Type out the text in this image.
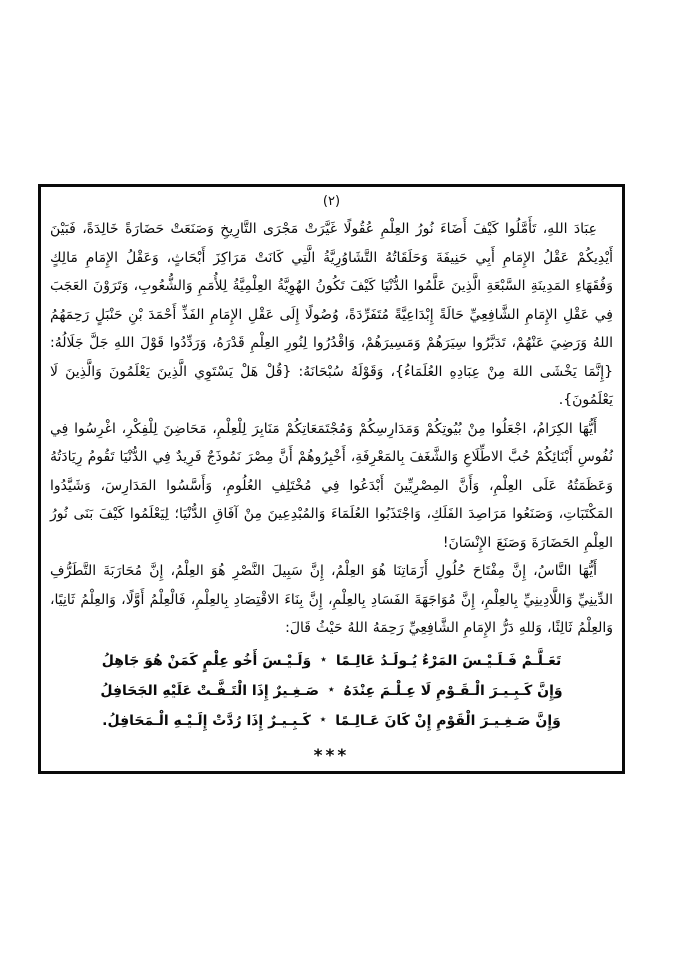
(٢)

عِبَادَ اللهِ، تَأَمَّلُوا كَيْفَ أَضَاءَ نُورُ العِلْمِ عُقُولًا غَيَّرَتْ مَجْرَى التَّارِيخِ وَصَنَعَتْ حَضَارَةً خَالِدَةً، فَبَيْنَ أَيْدِيكُمْ عَقْلُ الإِمَامِ أَبِي حَنِيفَةَ وَحَلَقَاتُهُ التَّشَاوُرِيَّةُ الَّتِي كَانَتْ مَرَاكِزَ أَبْحَاثٍ، وَعَقْلُ الإِمَامِ مَالِكٍ وَفُقَهَاءِ المَدِينَةِ السَّبْعَةِ الَّذِينَ عَلَّمُوا الدُّنْيَا كَيْفَ تَكُونُ الهُوِيَّةُ العِلْمِيَّةُ لِلأُمَمِ وَالشُّعُوبِ، وَتَرَوْنَ العَجَبَ فِي عَقْلِ الإِمَامِ الشَّافِعِيِّ حَالَةً إِبْدَاعِيَّةً مُتَفَرِّدَةً، وُصُولًا إِلَى عَقْلِ الإِمَامِ الفَذِّ أَحْمَدَ بْنِ حَنْبَلٍ رَحِمَهُمُ اللهُ وَرَضِيَ عَنْهُمْ، تَدَبَّرُوا سِيَرَهُمْ وَمَسِيرَهُمْ، وَاقْدُرُوا لِنُورِ العِلْمِ قَدْرَهُ، وَرَدِّدُوا قَوْلَ اللهِ جَلَّ جَلَالُهُ: {إِنَّمَا يَخْشَى اللهَ مِنْ عِبَادِهِ العُلَمَاءُ}، وَقَوْلَهُ سُبْحَانَهُ: {قُلْ هَلْ يَسْتَوِي الَّذِينَ يَعْلَمُونَ وَالَّذِينَ لَا يَعْلَمُونَ}.

أَيُّهَا الكِرَامُ، اجْعَلُوا مِنْ بُيُوتِكُمْ وَمَدَارِسِكُمْ وَمُجْتَمَعَاتِكُمْ مَنَابِرَ لِلْعِلْمِ، مَحَاضِنَ لِلْفِكْرِ، اغْرِسُوا فِي نُفُوسِ أَبْنَائِكُمْ حُبَّ الاطِّلَاعِ وَالشَّغَفَ بِالمَعْرِفَةِ، أَخْبِرُوهُمْ أَنَّ مِصْرَ نَمُوذَجٌ فَرِيدٌ فِي الدُّنْيَا تَقُومُ رِيَادَتُهُ وَعَظَمَتُهُ عَلَى العِلْمِ، وَأَنَّ المِصْرِيِّينَ أَبْدَعُوا فِي مُخْتَلِفِ العُلُومِ، وَأَسَّسُوا المَدَارِسَ، وَشَيَّدُوا المَكْتَبَاتِ، وَصَنَعُوا مَرَاصِدَ الفَلَكِ، وَاجْتَذَبُوا العُلَمَاءَ وَالمُبْدِعِينَ مِنْ آفَاقِ الدُّنْيَا؛ لِيَعْلَمُوا كَيْفَ بَنَى نُورُ العِلْمِ الحَضَارَةَ وَصَنَعَ الإِنْسَانَ!

أَيُّهَا النَّاسُ، إِنَّ مِفْتَاحَ حُلُولِ أَزَمَاتِنَا هُوَ العِلْمُ، إِنَّ سَبِيلَ النَّصْرِ هُوَ العِلْمُ، إِنَّ مُحَارَبَةَ التَّطَرُّفِ الدِّينِيِّ وَاللَّادِينِيِّ بِالعِلْمِ، إِنَّ مُوَاجَهَةَ الفَسَادِ بِالعِلْمِ، إِنَّ بِنَاءَ الاقْتِصَادِ بِالعِلْمِ، فَالْعِلْمُ أَوَّلًا، وَالعِلْمُ ثَانِيًا، وَالعِلْمُ ثَالِثًا، وَللهِ دَرُّ الإِمَامِ الشَّافِعِيِّ رَحِمَهُ اللهُ حَيْثُ قَالَ:

تَعَـلَّـمْ فَـلَـيْـسَ المَرْءُ يُـولَـدُ عَالِـمًا
٭
وَلَـيْـسَ أَخُو عِلْمٍ كَمَنْ هُوَ جَاهِلُ
وَإِنَّ كَـبِـيـرَ الْـقَـوْمِ لَا عِـلْـمَ عِنْدَهُ
٭
صَـغِـيرٌ إِذَا الْتَـفَّـتْ عَلَيْهِ الجَحَافِلُ
وَإِنَّ صَـغِـيـرَ الْقَوْمِ إِنْ كَانَ عَـالِـمًا
٭
كَـبِـيـرٌ إِذَا رُدَّتْ إِلَـيْـهِ الْـمَحَافِلُ.
***
